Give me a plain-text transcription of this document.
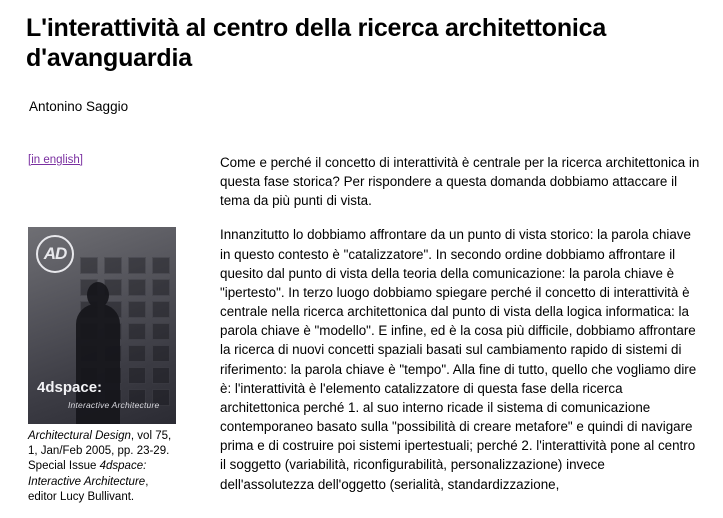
L'interattività al centro della ricerca architettonica d'avanguardia
Antonino Saggio
[in english]
AD
4dspace:
Interactive Architecture
Architectural Design, vol 75, 1, Jan/Feb 2005, pp. 23-29. Special Issue 4dspace: Interactive Architecture, editor Lucy Bullivant.

Come e perché il concetto di interattività è centrale per la ricerca architettonica in questa fase storica? Per rispondere a questa domanda dobbiamo attaccare il tema da più punti di vista.

Innanzitutto lo dobbiamo affrontare da un punto di vista storico: la parola chiave in questo contesto è "catalizzatore". In secondo ordine dobbiamo affrontare il quesito dal punto di vista della teoria della comunicazione: la parola chiave è "ipertesto". In terzo luogo dobbiamo spiegare perché il concetto di interattività è centrale nella ricerca architettonica dal punto di vista della logica informatica: la parola chiave è "modello". E infine, ed è la cosa più difficile, dobbiamo affrontare la ricerca di nuovi concetti spaziali basati sul cambiamento rapido di sistemi di riferimento: la parola chiave è "tempo". Alla fine di tutto, quello che vogliamo dire è: l'interattività è l'elemento catalizzatore di questa fase della ricerca architettonica perché 1. al suo interno ricade il sistema di comunicazione contemporaneo basato sulla "possibilità di creare metafore" e quindi di navigare prima e di costruire poi sistemi ipertestuali; perché 2. l'interattività pone al centro il soggetto (variabilità, riconfigurabilità, personalizzazione) invece dell'assolutezza dell'oggetto (serialità, standardizzazione,
